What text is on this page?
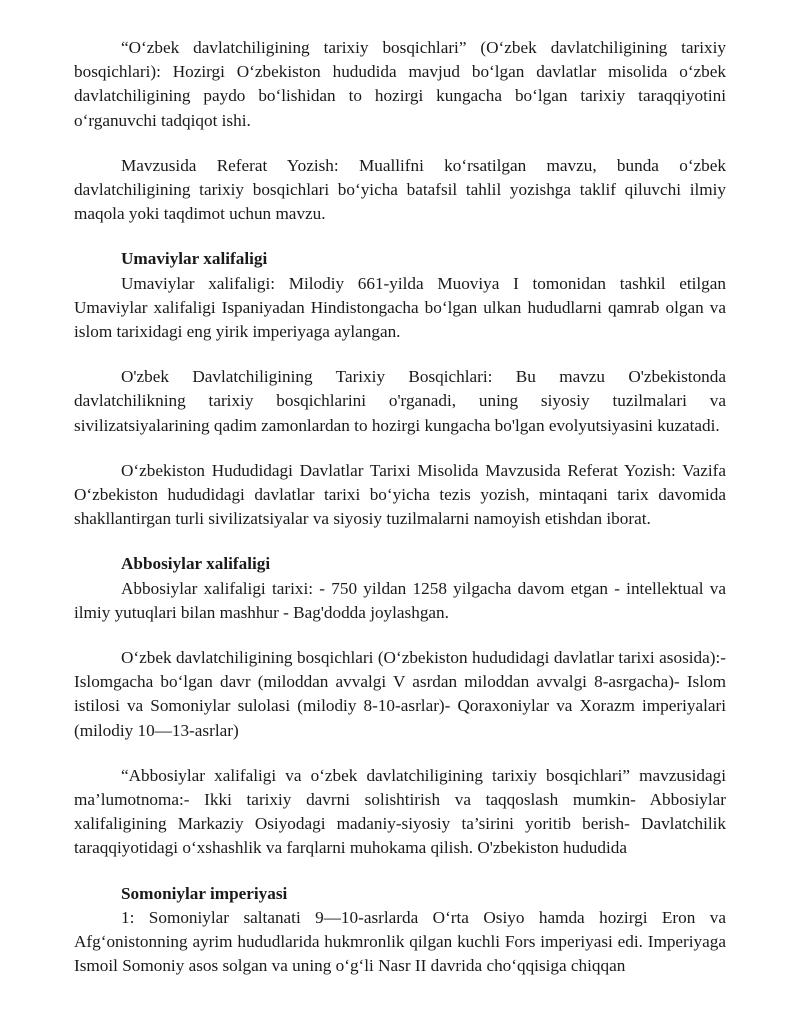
“O‘zbek davlatchiligining tarixiy bosqichlari” (O‘zbek davlatchiligining tarixiy bosqichlari): Hozirgi O‘zbekiston hududida mavjud bo‘lgan davlatlar misolida o‘zbek davlatchiligining paydo bo‘lishidan to hozirgi kungacha bo‘lgan tarixiy taraqqiyotini o‘rganuvchi tadqiqot ishi.

Mavzusida Referat Yozish: Muallifni ko‘rsatilgan mavzu, bunda o‘zbek davlatchiligining tarixiy bosqichlari bo‘yicha batafsil tahlil yozishga taklif qiluvchi ilmiy maqola yoki taqdimot uchun mavzu.

Umaviylar xalifaligi

Umaviylar xalifaligi: Milodiy 661-yilda Muoviya I tomonidan tashkil etilgan Umaviylar xalifaligi Ispaniyadan Hindistongacha bo‘lgan ulkan hududlarni qamrab olgan va islom tarixidagi eng yirik imperiyaga aylangan.

O'zbek Davlatchiligining Tarixiy Bosqichlari: Bu mavzu O'zbekistonda davlatchilikning tarixiy bosqichlarini o'rganadi, uning siyosiy tuzilmalari va sivilizatsiyalarining qadim zamonlardan to hozirgi kungacha bo'lgan evolyutsiyasini kuzatadi.

O‘zbekiston Hududidagi Davlatlar Tarixi Misolida Mavzusida Referat Yozish: Vazifa O‘zbekiston hududidagi davlatlar tarixi bo‘yicha tezis yozish, mintaqani tarix davomida shakllantirgan turli sivilizatsiyalar va siyosiy tuzilmalarni namoyish etishdan iborat.

Abbosiylar xalifaligi

Abbosiylar xalifaligi tarixi: - 750 yildan 1258 yilgacha davom etgan - intellektual va ilmiy yutuqlari bilan mashhur - Bag'dodda joylashgan.

O‘zbek davlatchiligining bosqichlari (O‘zbekiston hududidagi davlatlar tarixi asosida):- Islomgacha bo‘lgan davr (miloddan avvalgi V asrdan miloddan avvalgi 8-asrgacha)- Islom istilosi va Somoniylar sulolasi (milodiy 8-10-asrlar)- Qoraxoniylar va Xorazm imperiyalari (milodiy 10—13-asrlar)

“Abbosiylar xalifaligi va o‘zbek davlatchiligining tarixiy bosqichlari” mavzusidagi ma’lumotnoma:- Ikki tarixiy davrni solishtirish va taqqoslash mumkin- Abbosiylar xalifaligining Markaziy Osiyodagi madaniy-siyosiy ta’sirini yoritib berish- Davlatchilik taraqqiyotidagi o‘xshashlik va farqlarni muhokama qilish. O'zbekiston hududida

Somoniylar imperiyasi

1: Somoniylar saltanati 9—10-asrlarda O‘rta Osiyo hamda hozirgi Eron va Afg‘onistonning ayrim hududlarida hukmronlik qilgan kuchli Fors imperiyasi edi. Imperiyaga Ismoil Somoniy asos solgan va uning o‘g‘li Nasr II davrida cho‘qqisiga chiqqan
